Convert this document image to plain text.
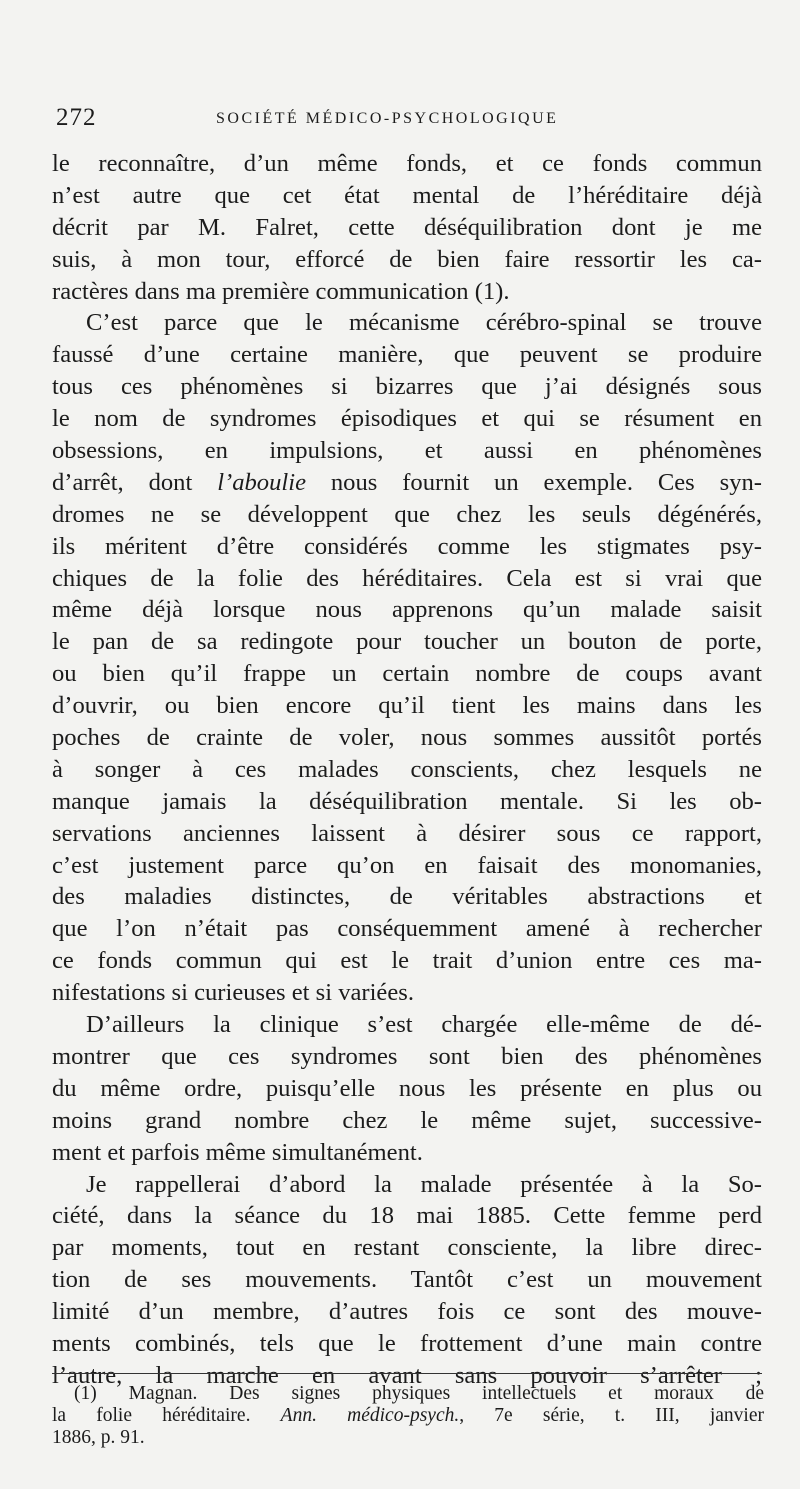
272	SOCIÉTÉ MÉDICO-PSYCHOLOGIQUE
le reconnaître, d’un même fonds, et ce fonds commun
n’est autre que cet état mental de l’héréditaire déjà
décrit par M. Falret, cette déséquilibration dont je me
suis, à mon tour, efforcé de bien faire ressortir les ca-
ractères dans ma première communication (1).
C’est parce que le mécanisme cérébro-spinal se trouve
faussé d’une certaine manière, que peuvent se produire
tous ces phénomènes si bizarres que j’ai désignés sous
le nom de syndromes épisodiques et qui se résument en
obsessions, en impulsions, et aussi en phénomènes
d’arrêt, dont l’aboulie nous fournit un exemple. Ces syn-
dromes ne se développent que chez les seuls dégénérés,
ils méritent d’être considérés comme les stigmates psy-
chiques de la folie des héréditaires. Cela est si vrai que
même déjà lorsque nous apprenons qu’un malade saisit
le pan de sa redingote pour toucher un bouton de porte,
ou bien qu’il frappe un certain nombre de coups avant
d’ouvrir, ou bien encore qu’il tient les mains dans les
poches de crainte de voler, nous sommes aussitôt portés
à songer à ces malades conscients, chez lesquels ne
manque jamais la déséquilibration mentale. Si les ob-
servations anciennes laissent à désirer sous ce rapport,
c’est justement parce qu’on en faisait des monomanies,
des maladies distinctes, de véritables abstractions et
que l’on n’était pas conséquemment amené à rechercher
ce fonds commun qui est le trait d’union entre ces ma-
nifestations si curieuses et si variées.
D’ailleurs la clinique s’est chargée elle-même de dé-
montrer que ces syndromes sont bien des phénomènes
du même ordre, puisqu’elle nous les présente en plus ou
moins grand nombre chez le même sujet, successive-
ment et parfois même simultanément.
Je rappellerai d’abord la malade présentée à la So-
ciété, dans la séance du 18 mai 1885. Cette femme perd
par moments, tout en restant consciente, la libre direc-
tion de ses mouvements. Tantôt c’est un mouvement
limité d’un membre, d’autres fois ce sont des mouve-
ments combinés, tels que le frottement d’une main contre
l’autre, la marche en avant sans pouvoir s’arrêter ;
(1) Magnan. Des signes physiques intellectuels et moraux de
la folie héréditaire. Ann. médico-psych., 7e série, t. III, janvier
1886, p. 91.
